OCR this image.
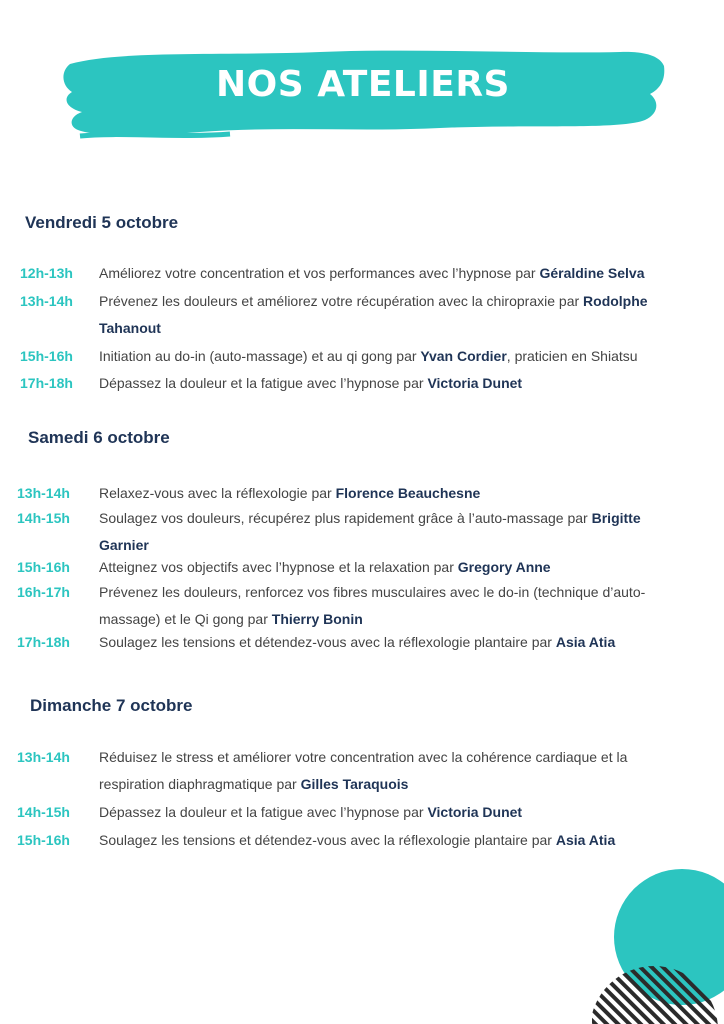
NOS ATELIERS
Vendredi 5 octobre
12h-13h Améliorez votre concentration et vos performances avec l’hypnose par Géraldine Selva
13h-14h Prévenez les douleurs et améliorez votre récupération avec la chiropraxie par Rodolphe
Tahanout
15h-16h Initiation au do-in (auto-massage) et au qi gong par Yvan Cordier, praticien en Shiatsu
17h-18h Dépassez la douleur et la fatigue avec l’hypnose par Victoria Dunet
Samedi 6 octobre
13h-14h Relaxez-vous avec la réflexologie par Florence Beauchesne
14h-15h Soulagez vos douleurs, récupérez plus rapidement grâce à l’auto-massage par Brigitte
Garnier
15h-16h Atteignez vos objectifs avec l’hypnose et la relaxation par Gregory Anne
16h-17h Prévenez les douleurs, renforcez vos fibres musculaires avec le do-in (technique d’auto-
massage) et le Qi gong par Thierry Bonin
17h-18h Soulagez les tensions et détendez-vous avec la réflexologie plantaire par Asia Atia
Dimanche 7 octobre
13h-14h Réduisez le stress et améliorer votre concentration avec la cohérence cardiaque et la
respiration diaphragmatique par Gilles Taraquois
14h-15h Dépassez la douleur et la fatigue avec l’hypnose par Victoria Dunet
15h-16h Soulagez les tensions et détendez-vous avec la réflexologie plantaire par Asia Atia
